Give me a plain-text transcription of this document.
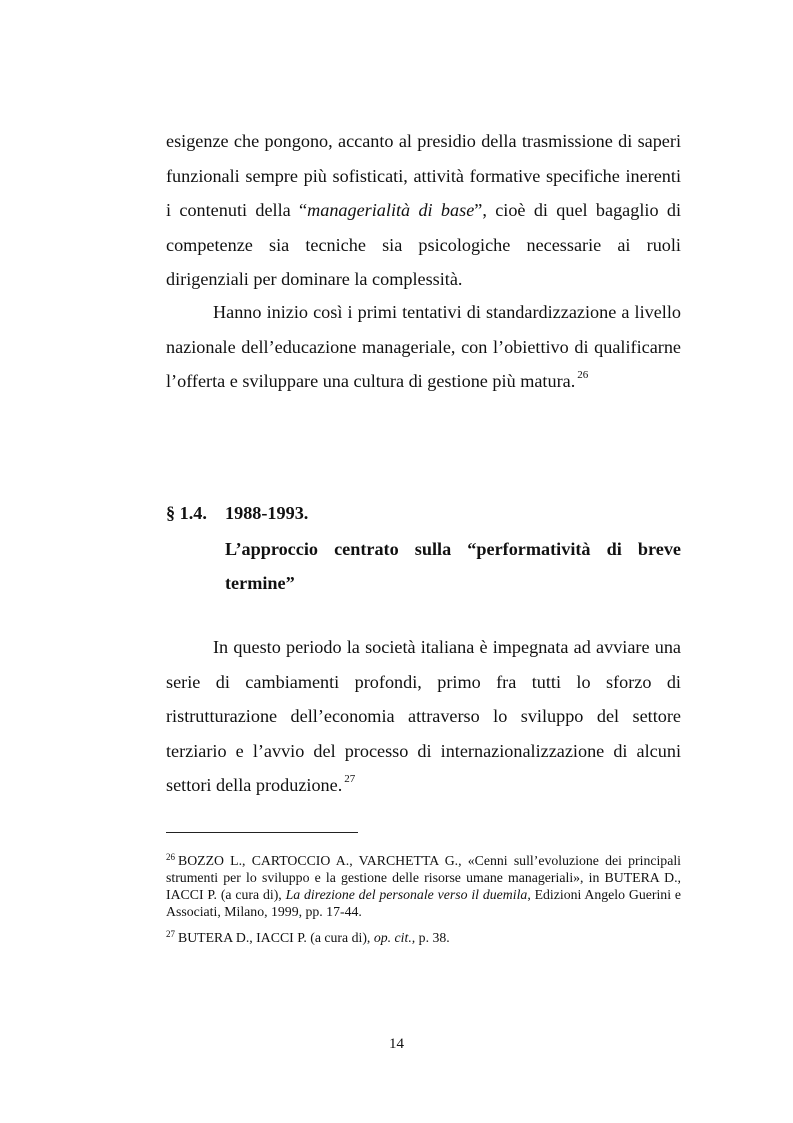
esigenze che pongono, accanto al presidio della trasmissione di saperi funzionali sempre più sofisticati, attività formative specifiche inerenti i contenuti della “managerialità di base”, cioè di quel bagaglio di competenze sia tecniche sia psicologiche necessarie ai ruoli dirigenziali per dominare la complessità.

Hanno inizio così i primi tentativi di standardizzazione a livello nazionale dell’educazione manageriale, con l’obiettivo di qualificarne l’offerta e sviluppare una cultura di gestione più matura. $^{26}$

§ 1.4. 1988-1993.

L’approccio centrato sulla “performatività di breve termine”

In questo periodo la società italiana è impegnata ad avviare una serie di cambiamenti profondi, primo fra tutti lo sforzo di ristrutturazione dell’economia attraverso lo sviluppo del settore terziario e l’avvio del processo di internazionalizzazione di alcuni settori della produzione. $^{27}$

$^{26}$ BOZZO L., CARTOCCIO A., VARCHETTA G., «Cenni sull’evoluzione dei principali strumenti per lo sviluppo e la gestione delle risorse umane manageriali», in BUTERA D., IACCI P. (a cura di), La direzione del personale verso il duemila, Edizioni Angelo Guerini e Associati, Milano, 1999, pp. 17-44.

$^{27}$ BUTERA D., IACCI P. (a cura di), op. cit., p. 38.

14
